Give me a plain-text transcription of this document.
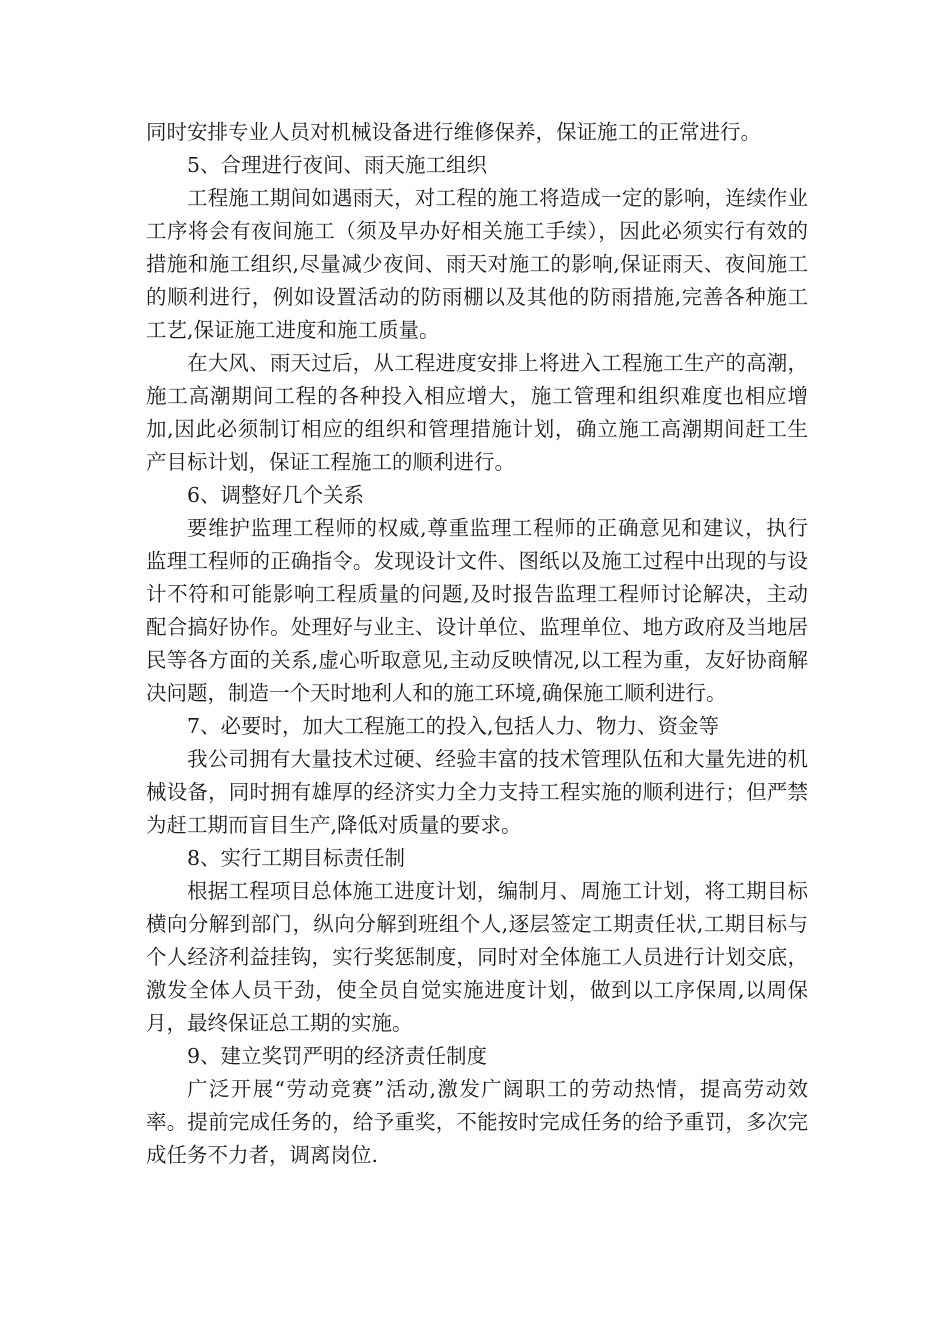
同时安排专业人员对机械设备进行维修保养，保证施工的正常进行。

5、合理进行夜间、雨天施工组织

工程施工期间如遇雨天，对工程的施工将造成一定的影响，连续作业工序将会有夜间施工（须及早办好相关施工手续），因此必须实行有效的措施和施工组织,尽量减少夜间、雨天对施工的影响,保证雨天、夜间施工的顺利进行，例如设置活动的防雨棚以及其他的防雨措施,完善各种施工工艺,保证施工进度和施工质量。

在大风、雨天过后，从工程进度安排上将进入工程施工生产的高潮，施工高潮期间工程的各种投入相应增大，施工管理和组织难度也相应增加,因此必须制订相应的组织和管理措施计划，确立施工高潮期间赶工生产目标计划，保证工程施工的顺利进行。

6、调整好几个关系

要维护监理工程师的权威,尊重监理工程师的正确意见和建议，执行监理工程师的正确指令。发现设计文件、图纸以及施工过程中出现的与设计不符和可能影响工程质量的问题,及时报告监理工程师讨论解决，主动配合搞好协作。处理好与业主、设计单位、监理单位、地方政府及当地居民等各方面的关系,虚心听取意见,主动反映情况,以工程为重，友好协商解决问题，制造一个天时地利人和的施工环境,确保施工顺利进行。

7、必要时，加大工程施工的投入,包括人力、物力、资金等

我公司拥有大量技术过硬、经验丰富的技术管理队伍和大量先进的机械设备，同时拥有雄厚的经济实力全力支持工程实施的顺利进行；但严禁为赶工期而盲目生产,降低对质量的要求。

8、实行工期目标责任制

根据工程项目总体施工进度计划，编制月、周施工计划，将工期目标横向分解到部门，纵向分解到班组个人,逐层签定工期责任状,工期目标与个人经济利益挂钩，实行奖惩制度，同时对全体施工人员进行计划交底，激发全体人员干劲，使全员自觉实施进度计划，做到以工序保周,以周保月，最终保证总工期的实施。

9、建立奖罚严明的经济责任制度

广泛开展“劳动竞赛”活动,激发广阔职工的劳动热情，提高劳动效率。提前完成任务的，给予重奖，不能按时完成任务的给予重罚，多次完成任务不力者，调离岗位.
